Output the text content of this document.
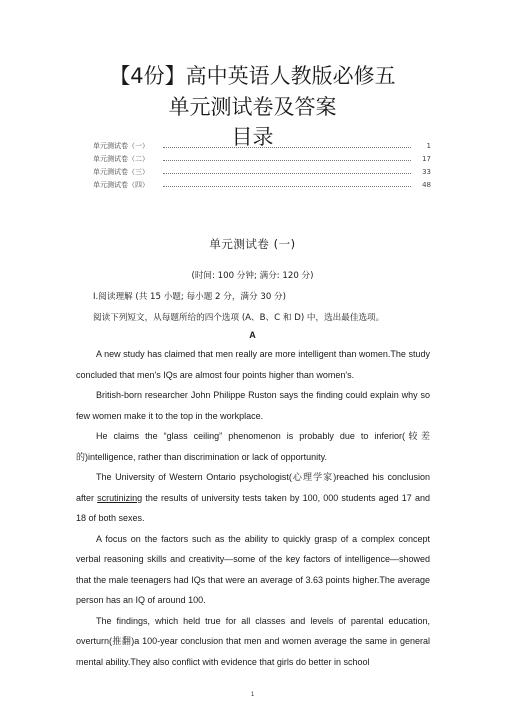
【4份】高中英语人教版必修五
单元测试卷及答案
目录
单元测试卷（一）	1
单元测试卷（二）	17
单元测试卷（三）	33
单元测试卷（四）	48
单元测试卷 (一)
(时间: 100 分钟; 满分: 120 分)
Ⅰ.阅读理解 (共 15 小题; 每小题 2 分，满分 30 分)
阅读下列短文，从每题所给的四个选项 (A、B、C 和 D) 中，选出最佳选项。
A

A new study has claimed that men really are more intelligent than women.The study concluded that men's IQs are almost four points higher than women's.

British‐born researcher John Philippe Ruston says the finding could explain why so few women make it to the top in the workplace.

He claims the “glass ceiling” phenomenon is probably due to inferior(较差的)intelligence, rather than discrimination or lack of opportunity.

The University of Western Ontario psychologist(心理学家)reached his conclusion after scrutinizing the results of university tests taken by 100, 000 students aged 17 and 18 of both sexes.

A focus on the factors such as the ability to quickly grasp of a complex concept verbal reasoning skills and creativity—some of the key factors of intelligence—showed that the male teenagers had IQs that were an average of 3.63 points higher.The average person has an IQ of around 100.

The findings, which held true for all classes and levels of parental education, overturn(推翻)a 100‐year conclusion that men and women average the same in general mental ability.They also conflict with evidence that girls do better in school

1
